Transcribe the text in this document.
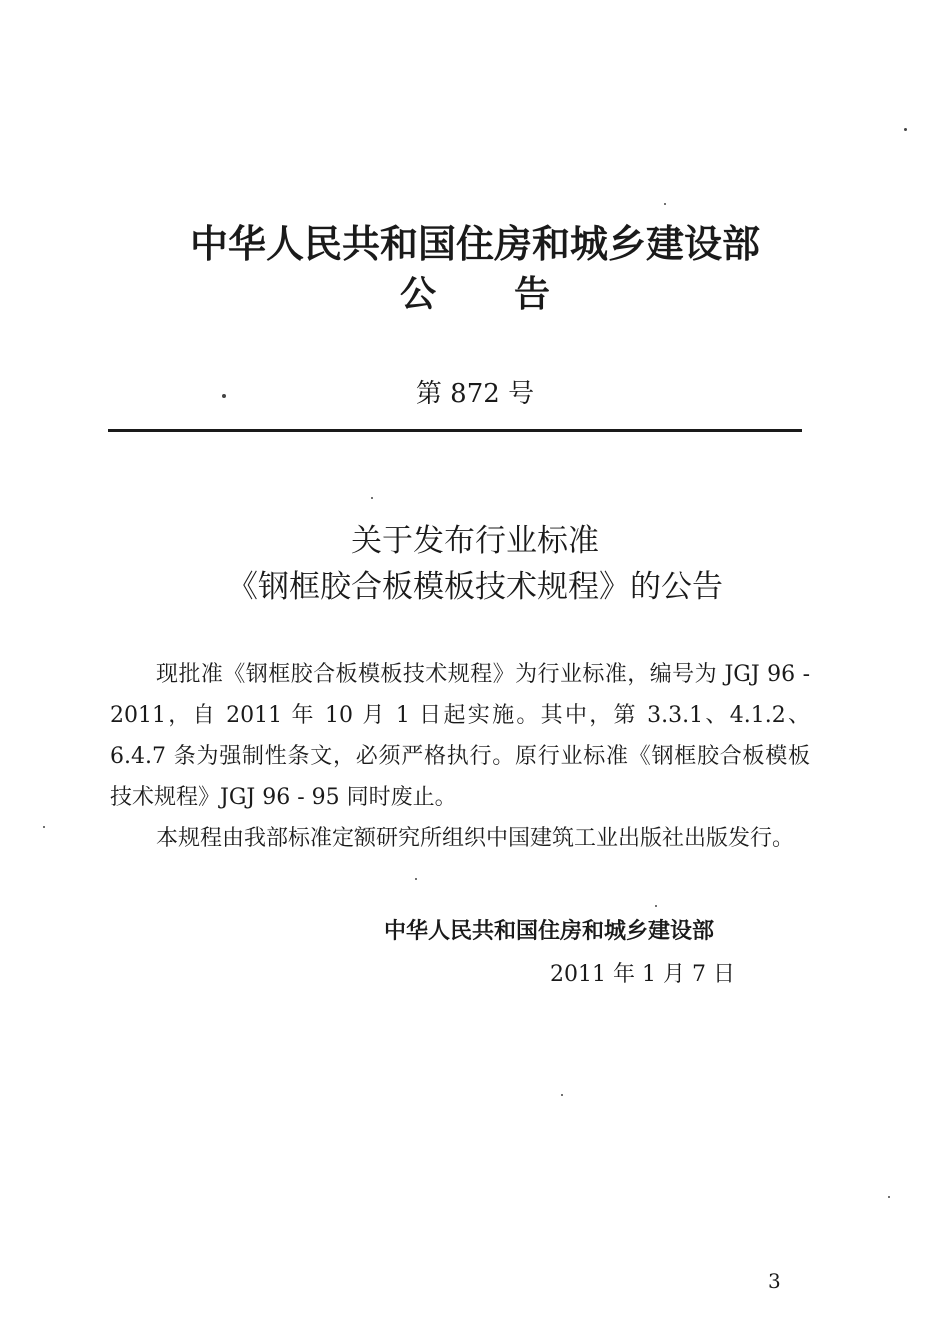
中华人民共和国住房和城乡建设部
公告
第 872 号
关于发布行业标准
《钢框胶合板模板技术规程》的公告

现批准《钢框胶合板模板技术规程》为行业标准，编号为 JGJ 96 - 2011，自 2011 年 10 月 1 日起实施。其中，第 3.3.1、4.1.2、6.4.7 条为强制性条文，必须严格执行。原行业标准《钢框胶合板模板技术规程》JGJ 96 - 95 同时废止。

本规程由我部标准定额研究所组织中国建筑工业出版社出版发行。

中华人民共和国住房和城乡建设部
2011 年 1 月 7 日
3
